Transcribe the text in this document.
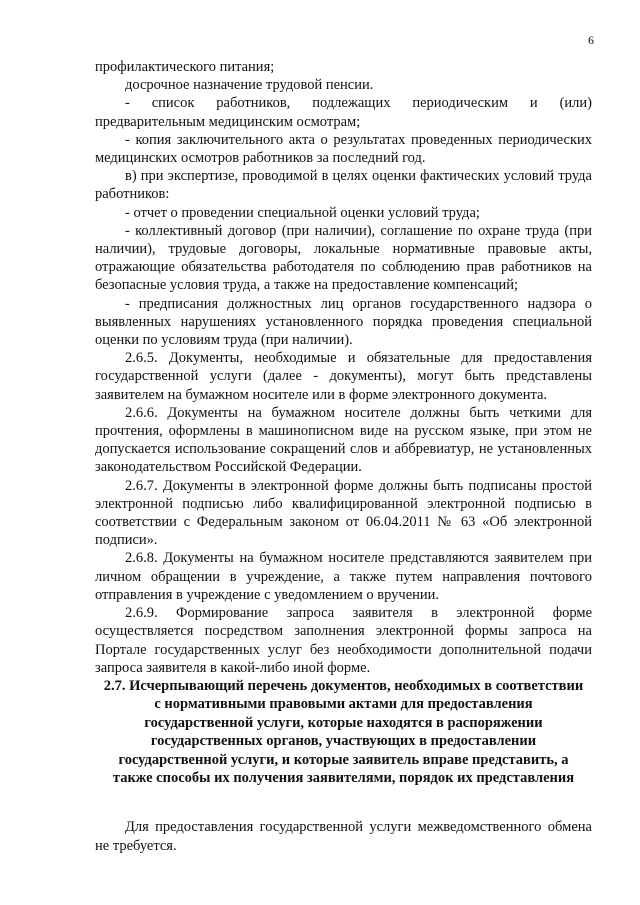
6

профилактического питания;

досрочное назначение трудовой пенсии.

- список работников, подлежащих периодическим и (или) предварительным медицинским осмотрам;

- копия заключительного акта о результатах проведенных периодических медицинских осмотров работников за последний год.

в) при экспертизе, проводимой в целях оценки фактических условий труда работников:

- отчет о проведении специальной оценки условий труда;

- коллективный договор (при наличии), соглашение по охране труда (при наличии), трудовые договоры, локальные нормативные правовые акты, отражающие обязательства работодателя по соблюдению прав работников на безопасные условия труда, а также на предоставление компенсаций;

- предписания должностных лиц органов государственного надзора о выявленных нарушениях установленного порядка проведения специальной оценки по условиям труда (при наличии).

2.6.5. Документы, необходимые и обязательные для предоставления государственной услуги (далее - документы), могут быть представлены заявителем на бумажном носителе или в форме электронного документа.

2.6.6. Документы на бумажном носителе должны быть четкими для прочтения, оформлены в машинописном виде на русском языке, при этом не допускается использование сокращений слов и аббревиатур, не установленных законодательством Российской Федерации.

2.6.7. Документы в электронной форме должны быть подписаны простой электронной подписью либо квалифицированной электронной подписью в соответствии с Федеральным законом от 06.04.2011 № 63 «Об электронной подписи».

2.6.8. Документы на бумажном носителе представляются заявителем при личном обращении в учреждение, а также путем направления почтового отправления в учреждение с уведомлением о вручении.

2.6.9. Формирование запроса заявителя в электронной форме осуществляется посредством заполнения электронной формы запроса на Портале государственных услуг без необходимости дополнительной подачи запроса заявителя в какой-либо иной форме.

2.7. Исчерпывающий перечень документов, необходимых в соответствии с нормативными правовыми актами для предоставления государственной услуги, которые находятся в распоряжении государственных органов, участвующих в предоставлении государственной услуги, и которые заявитель вправе представить, а также способы их получения заявителями, порядок их представления

Для предоставления государственной услуги межведомственного обмена не требуется.
